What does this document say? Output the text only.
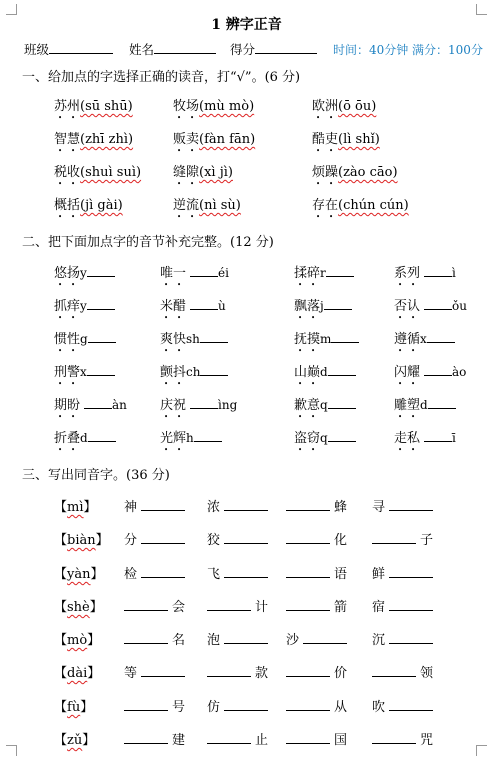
1 辨字正音
班级	姓名	得分	时间：40分钟 满分：100分
一、给加点的字选择正确的读音，打“√”。(6 分)
苏州(sū shū)	牧场(mù mò)	欧洲(ō ōu)
智慧(zhī zhì)	贩卖(fàn fān)	酷吏(lì shǐ)
税收(shuì suì) 缝隙(xì jì)	烦躁(zào cāo)
概括(jì gài)	逆流(nì sù)	存在(chún cún)
二、把下面加点字的音节补充完整。(12 分)
悠扬y	唯一	éi	揉碎r	系列	ì
抓痒y	米醋	ù	飘落j	否认	ǒu
惯性g	爽快sh	抚摸m	遵循x
刑警x	颤抖ch	山巅d	闪耀	ào
期盼	àn	庆祝	ìng	歉意q	雕塑d
折叠d	光辉h	盗窃q	走私	ī
三、写出同音字。(36 分)
【mì】 神	浓	蜂 寻
【biàn】 分	狡	化	子
【yàn】 检	飞	语 鲜
【shè】	会	计	箭 宿
【mò】	名 泡	沙	沉
【dài】 等	款	价	领
【fù】	号 仿	从 吹
【zǔ】	建	止	国	咒
